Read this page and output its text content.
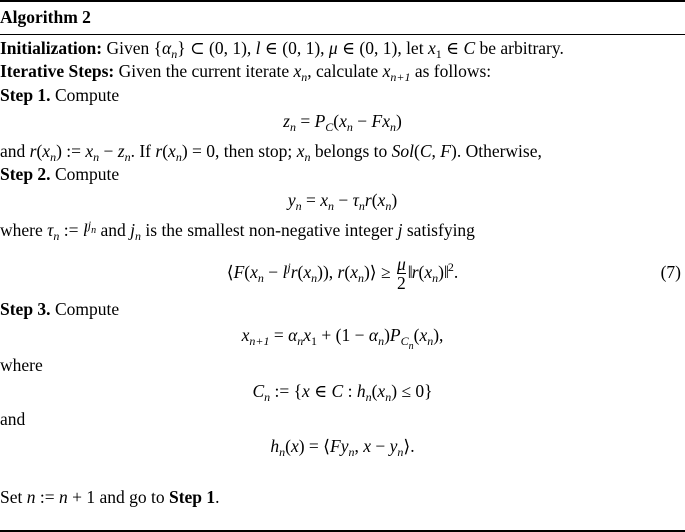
Algorithm 2
Initialization: Given $\{\alpha_n\}$ ⊂ (0, 1), l ∈ (0, 1), μ ∈ (0, 1), let $x_1$ ∈ C be arbitrary.
Iterative Steps: Given the current iterate $x_n$, calculate $x_{n+1}$ as follows:
Step 1. Compute
$z_n = P_C(x_n - Fx_n)$
and $r(x_n)$ := $x_n - z_n$. If $r(x_n) = 0$, then stop; $x_n$ belongs to Sol(C, F). Otherwise,
Step 2. Compute
$y_n = x_n - \tau_nr(x_n)$
where $\tau_n$ := $l^{j_n}$ and $j_n$ is the smallest non-negative integer j satisfying
$⟨F(x_n - l^jr(x_n))$, $r(x_n)⟩ \ge \frac{\mu}{2}$ $‖r(x_n)‖^2$.	(7)
Step 3. Compute
$x_{n+1} = \alpha_nx_1 + (1 - \alpha_n)P_{C_n}(x_n)$,
where
$C_n$ := {x ∈ C : $h_n(x_n) \le 0$}
and
$h_n(x)$ = $⟨Fy_n$, $x - y_n⟩$.
Set n := n + 1 and go to Step 1.
